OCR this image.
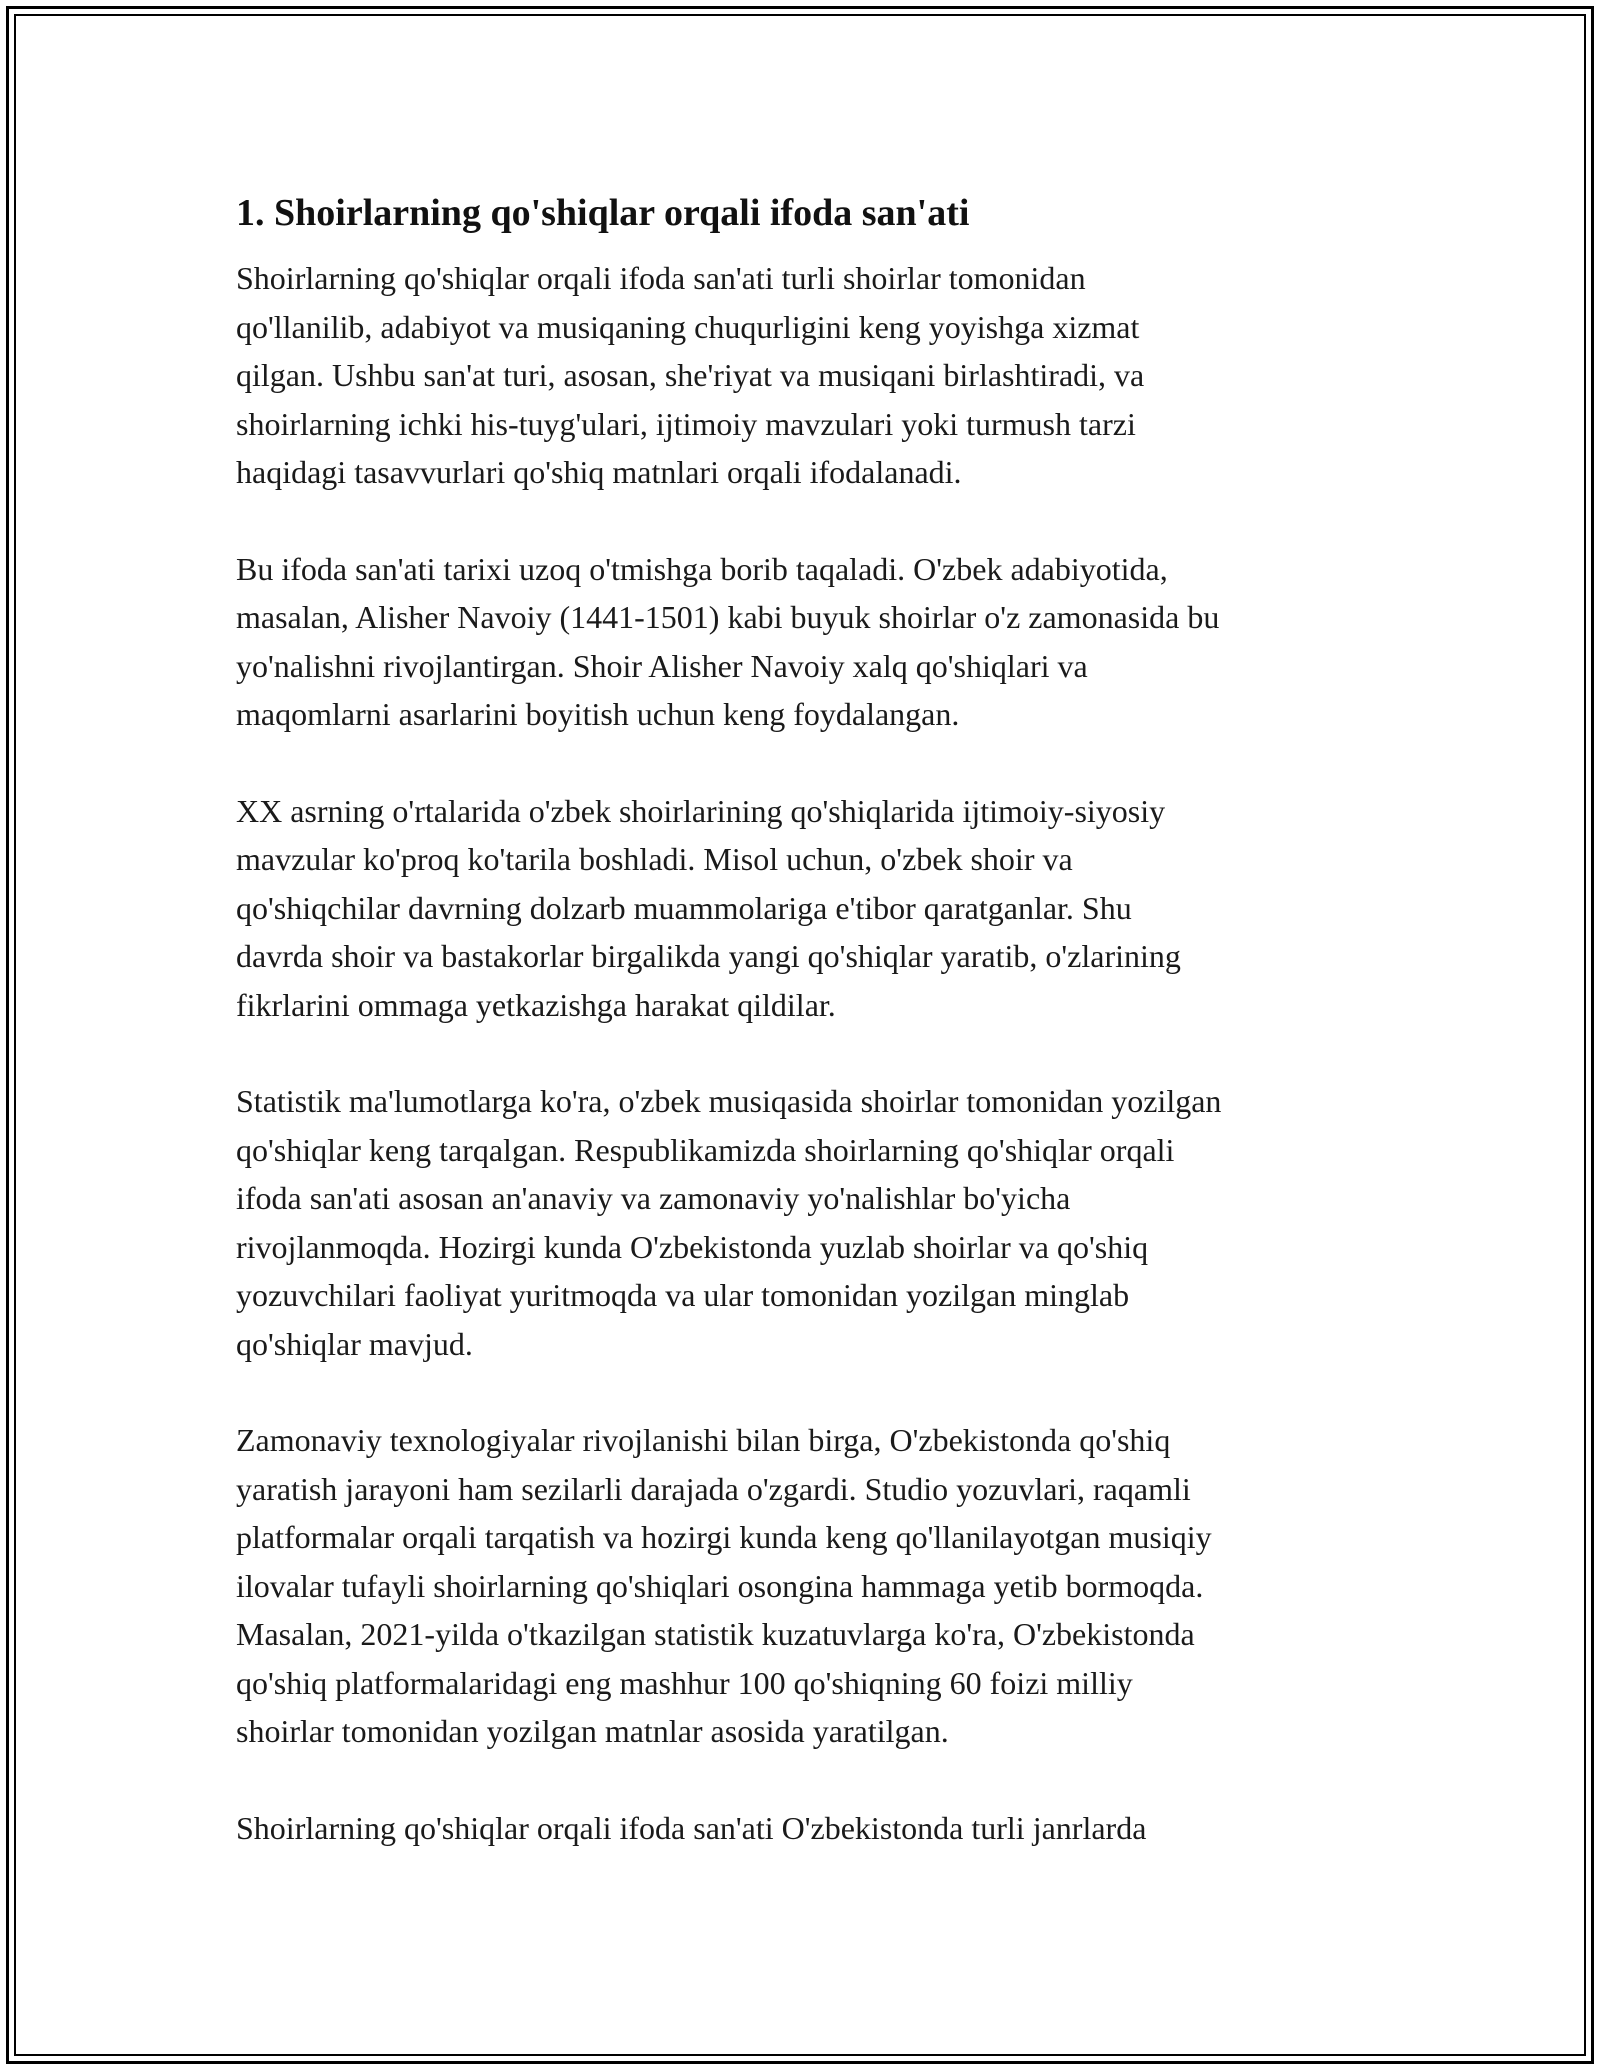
1. Shoirlarning qo'shiqlar orqali ifoda san'ati

Shoirlarning qo'shiqlar orqali ifoda san'ati turli shoirlar tomonidan
qo'llanilib, adabiyot va musiqaning chuqurligini keng yoyishga xizmat
qilgan. Ushbu san'at turi, asosan, she'riyat va musiqani birlashtiradi, va
shoirlarning ichki his-tuyg'ulari, ijtimoiy mavzulari yoki turmush tarzi
haqidagi tasavvurlari qo'shiq matnlari orqali ifodalanadi.

Bu ifoda san'ati tarixi uzoq o'tmishga borib taqaladi. O'zbek adabiyotida,
masalan, Alisher Navoiy (1441-1501) kabi buyuk shoirlar o'z zamonasida bu
yo'nalishni rivojlantirgan. Shoir Alisher Navoiy xalq qo'shiqlari va
maqomlarni asarlarini boyitish uchun keng foydalangan.

XX asrning o'rtalarida o'zbek shoirlarining qo'shiqlarida ijtimoiy-siyosiy
mavzular ko'proq ko'tarila boshladi. Misol uchun, o'zbek shoir va
qo'shiqchilar davrning dolzarb muammolariga e'tibor qaratganlar. Shu
davrda shoir va bastakorlar birgalikda yangi qo'shiqlar yaratib, o'zlarining
fikrlarini ommaga yetkazishga harakat qildilar.

Statistik ma'lumotlarga ko'ra, o'zbek musiqasida shoirlar tomonidan yozilgan
qo'shiqlar keng tarqalgan. Respublikamizda shoirlarning qo'shiqlar orqali
ifoda san'ati asosan an'anaviy va zamonaviy yo'nalishlar bo'yicha
rivojlanmoqda. Hozirgi kunda O'zbekistonda yuzlab shoirlar va qo'shiq
yozuvchilari faoliyat yuritmoqda va ular tomonidan yozilgan minglab
qo'shiqlar mavjud.

Zamonaviy texnologiyalar rivojlanishi bilan birga, O'zbekistonda qo'shiq
yaratish jarayoni ham sezilarli darajada o'zgardi. Studio yozuvlari, raqamli
platformalar orqali tarqatish va hozirgi kunda keng qo'llanilayotgan musiqiy
ilovalar tufayli shoirlarning qo'shiqlari osongina hammaga yetib bormoqda.
Masalan, 2021-yilda o'tkazilgan statistik kuzatuvlarga ko'ra, O'zbekistonda
qo'shiq platformalaridagi eng mashhur 100 qo'shiqning 60 foizi milliy
shoirlar tomonidan yozilgan matnlar asosida yaratilgan.

Shoirlarning qo'shiqlar orqali ifoda san'ati O'zbekistonda turli janrlarda
